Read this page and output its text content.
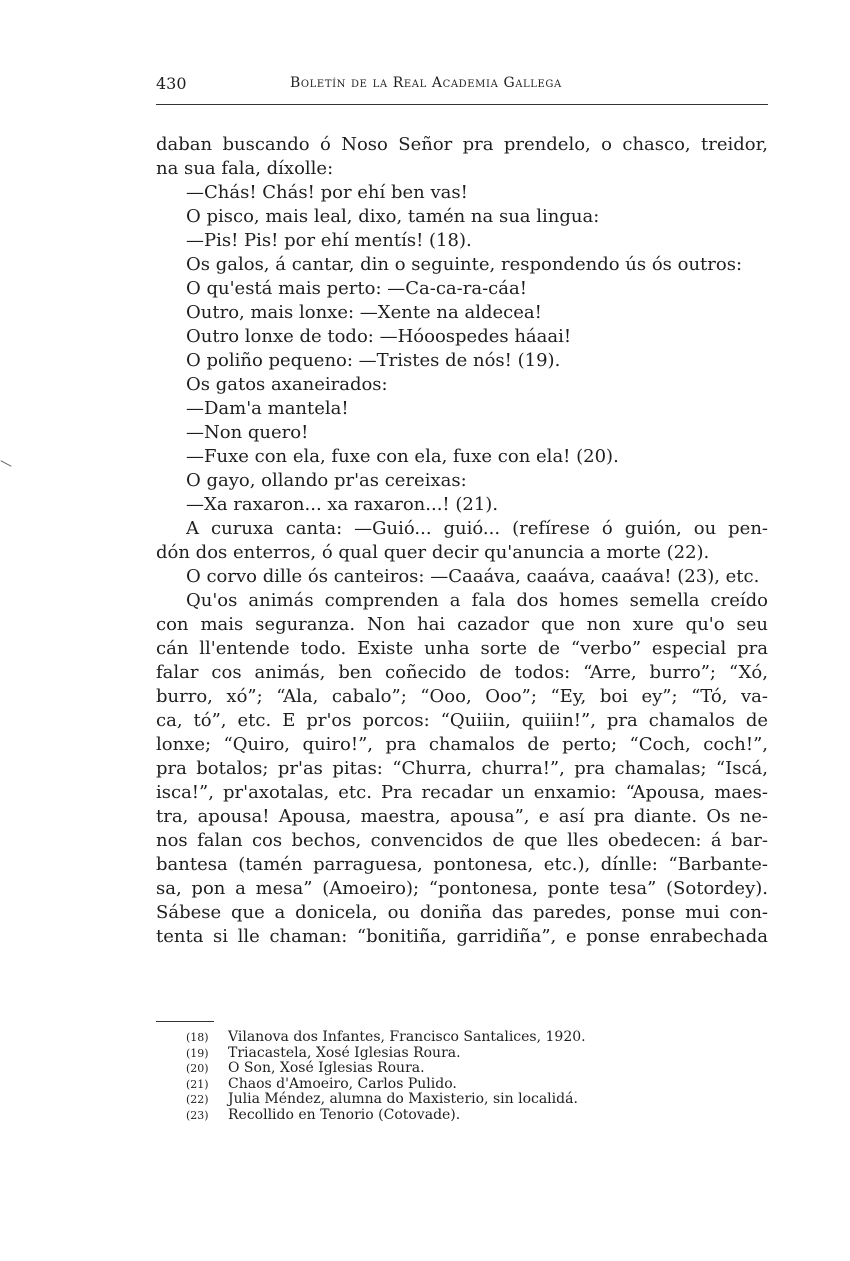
430	Boletín de la Real Academia Gallega
daban buscando ó Noso Señor pra prendelo, o chasco, treidor,
na sua fala, díxolle:
—Chás! Chás! por ehí ben vas!
O pisco, mais leal, dixo, tamén na sua lingua:
—Pis! Pis! por ehí mentís! (18).
Os galos, á cantar, din o seguinte, respondendo ús ós outros:
O qu'está mais perto: —Ca-ca-ra-cáa!
Outro, mais lonxe: —Xente na aldecea!
Outro lonxe de todo: —Hóoospedes háaai!
O poliño pequeno: —Tristes de nós! (19).
Os gatos axaneirados:
—Dam'a mantela!
—Non quero!
—Fuxe con ela, fuxe con ela, fuxe con ela! (20).
O gayo, ollando pr'as cereixas:
—Xa raxaron... xa raxaron...! (21).
A curuxa canta: —Guió... guió... (refírese ó guión, ou pen-
dón dos enterros, ó qual quer decir qu'anuncia a morte (22).
O corvo dille ós canteiros: —Caaáva, caaáva, caaáva! (23), etc.
Qu'os animás comprenden a fala dos homes semella creído
con mais seguranza. Non hai cazador que non xure qu'o seu
cán ll'entende todo. Existe unha sorte de “verbo” especial pra
falar cos animás, ben coñecido de todos: “Arre, burro”; “Xó,
burro, xó”; “Ala, cabalo”; “Ooo, Ooo”; “Ey, boi ey”; “Tó, va-
ca, tó”, etc. E pr'os porcos: “Quiiin, quiiin!”, pra chamalos de
lonxe; “Quiro, quiro!”, pra chamalos de perto; “Coch, coch!”,
pra botalos; pr'as pitas: “Churra, churra!”, pra chamalas; “Iscá,
isca!”, pr'axotalas, etc. Pra recadar un enxamio: “Apousa, maes-
tra, apousa! Apousa, maestra, apousa”, e así pra diante. Os ne-
nos falan cos bechos, convencidos de que lles obedecen: á bar-
bantesa (tamén parraguesa, pontonesa, etc.), dínlle: “Barbante-
sa, pon a mesa” (Amoeiro); “pontonesa, ponte tesa” (Sotordey).
Sábese que a donicela, ou doniña das paredes, ponse mui con-
tenta si lle chaman: “bonitiña, garridiña”, e ponse enrabechada
(18) Vilanova dos Infantes, Francisco Santalices, 1920.
(19) Triacastela, Xosé Iglesias Roura.
(20) O Son, Xosé Iglesias Roura.
(21) Chaos d'Amoeiro, Carlos Pulido.
(22) Julia Méndez, alumna do Maxisterio, sin localidá.
(23) Recollido en Tenorio (Cotovade).
